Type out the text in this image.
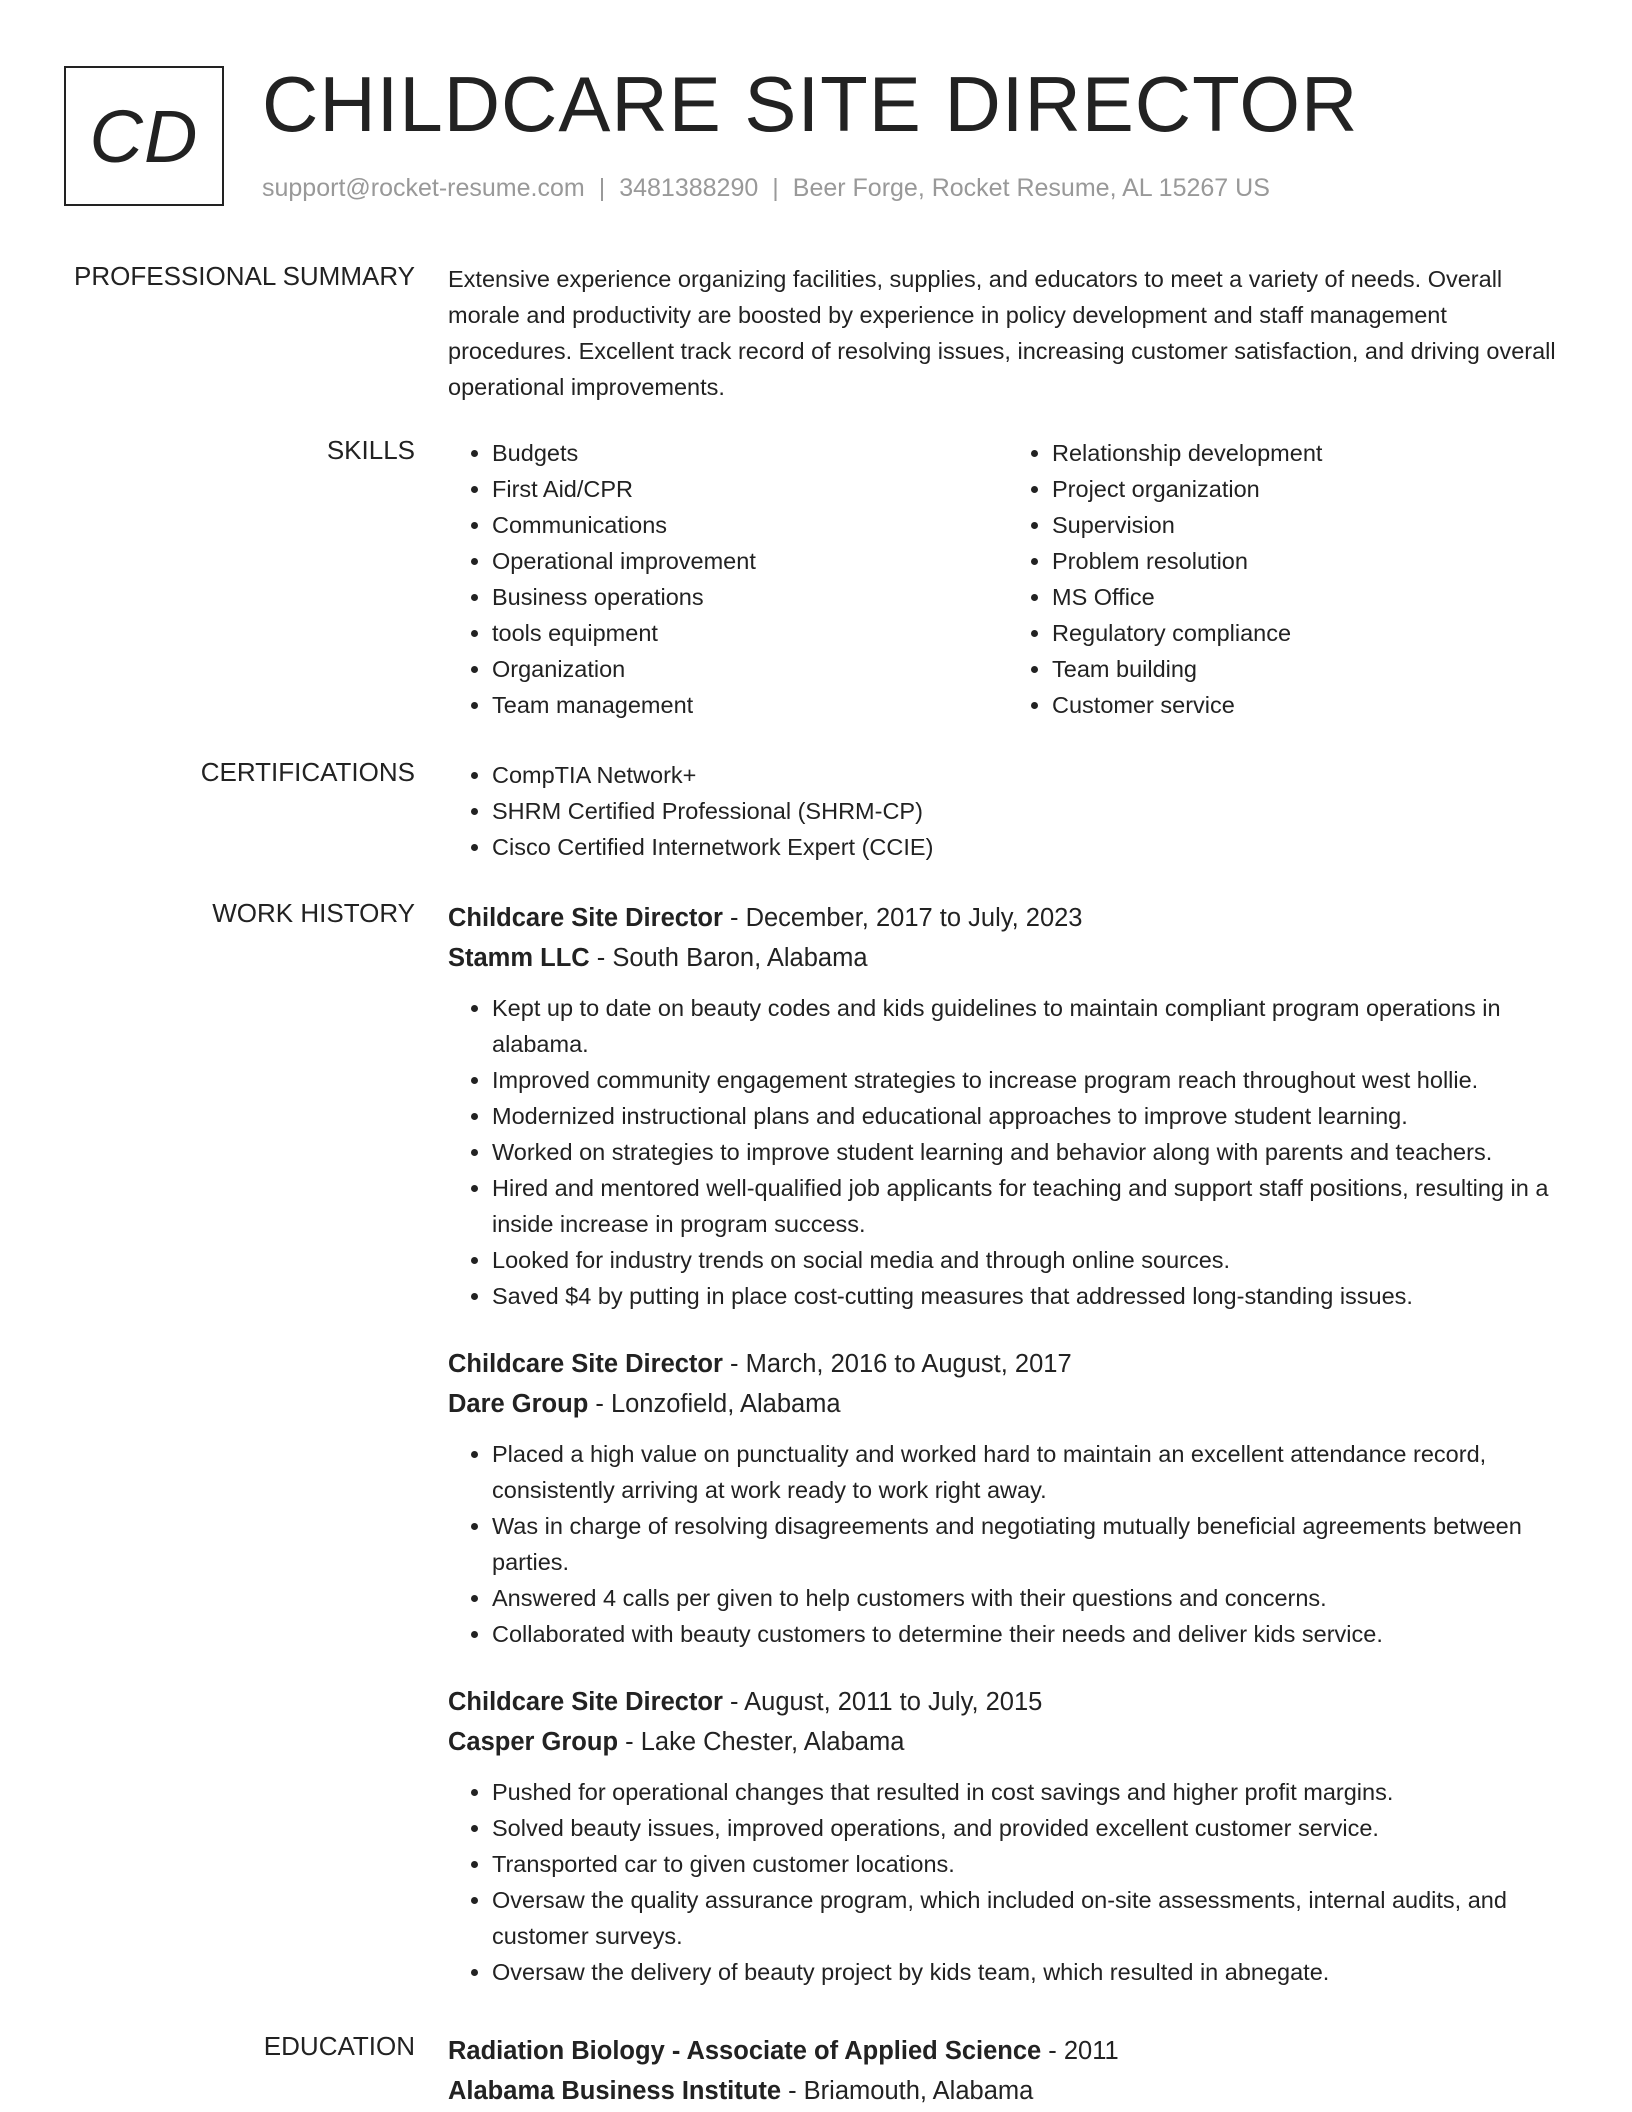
CD CHILDCARE SITE DIRECTOR
support@rocket-resume.com | 3481388290 | Beer Forge, Rocket Resume, AL 15267 US
PROFESSIONAL SUMMARY Extensive experience organizing facilities, supplies, and educators to meet a variety of needs. Overall morale and productivity are boosted by experience in policy development and staff management procedures. Excellent track record of resolving issues, increasing customer satisfaction, and driving overall operational improvements.

SKILLS	• Budgets
• First Aid/CPR
• Communications
• Operational improvement
• Business operations
• tools equipment
• Organization
• Team management
• Relationship development
• Project organization
• Supervision
• Problem resolution
• MS Office
• Regulatory compliance
• Team building
• Customer service
CERTIFICATIONS	• CompTIA Network+
• SHRM Certified Professional (SHRM-CP)
• Cisco Certified Internetwork Expert (CCIE)
WORK HISTORY Childcare Site Director - December, 2017 to July, 2023
Stamm LLC - South Baron, Alabama
• Kept up to date on beauty codes and kids guidelines to maintain compliant program operations in alabama.
• Improved community engagement strategies to increase program reach throughout west hollie.
• Modernized instructional plans and educational approaches to improve student learning.
• Worked on strategies to improve student learning and behavior along with parents and teachers.
• Hired and mentored well-qualified job applicants for teaching and support staff positions, resulting in a inside increase in program success.
• Looked for industry trends on social media and through online sources.
• Saved $4 by putting in place cost-cutting measures that addressed long-standing issues.
Childcare Site Director - March, 2016 to August, 2017
Dare Group - Lonzofield, Alabama
• Placed a high value on punctuality and worked hard to maintain an excellent attendance record, consistently arriving at work ready to work right away.
• Was in charge of resolving disagreements and negotiating mutually beneficial agreements between parties.
• Answered 4 calls per given to help customers with their questions and concerns.
• Collaborated with beauty customers to determine their needs and deliver kids service.
Childcare Site Director - August, 2011 to July, 2015
Casper Group - Lake Chester, Alabama
• Pushed for operational changes that resulted in cost savings and higher profit margins.
• Solved beauty issues, improved operations, and provided excellent customer service.
• Transported car to given customer locations.
• Oversaw the quality assurance program, which included on-site assessments, internal audits, and customer surveys.
• Oversaw the delivery of beauty project by kids team, which resulted in abnegate.
EDUCATION Radiation Biology - Associate of Applied Science - 2011
Alabama Business Institute - Briamouth, Alabama
